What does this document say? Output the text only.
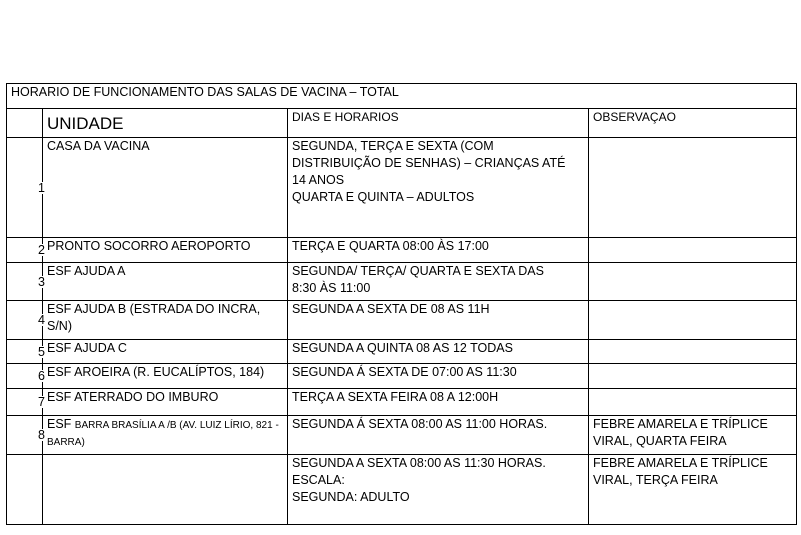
HORARIO DE FUNCIONAMENTO DAS SALAS DE VACINA – TOTAL			
	UNIDADE	DIAS E HORARIOS	OBSERVAÇAO

1	CASA DA VACINA	SEGUNDA, TERÇA E SEXTA (COM
DISTRIBUIÇÃO DE SENHAS) – CRIANÇAS ATÉ
14 ANOS
QUARTA E QUINTA – ADULTOS	

2	PRONTO SOCORRO AEROPORTO	TERÇA E QUARTA 08:00 ÀS 17:00	

3	ESF AJUDA A	SEGUNDA/ TERÇA/ QUARTA E SEXTA DAS
8:30 ÀS 11:00	

4	ESF AJUDA B (ESTRADA DO INCRA, S/N)	SEGUNDA A SEXTA DE 08 AS 11H	

5	ESF AJUDA C	SEGUNDA A QUINTA 08 AS 12 TODAS	

6	ESF AROEIRA (R. EUCALÍPTOS, 184)	SEGUNDA Á SEXTA DE 07:00 AS 11:30	

7	ESF ATERRADO DO IMBURO	TERÇA A SEXTA FEIRA 08 A 12:00H	

8	ESF BARRA BRASÍLIA A /B (AV. LUIZ LÍRIO, 821 - BARRA)	SEGUNDA Á SEXTA 08:00 AS 11:00 HORAS.	FEBRE AMARELA E TRÍPLICE
VIRAL, QUARTA FEIRA

		SEGUNDA A SEXTA 08:00 AS 11:30 HORAS.
ESCALA:
SEGUNDA: ADULTO	FEBRE AMARELA E TRÍPLICE
VIRAL, TERÇA FEIRA
